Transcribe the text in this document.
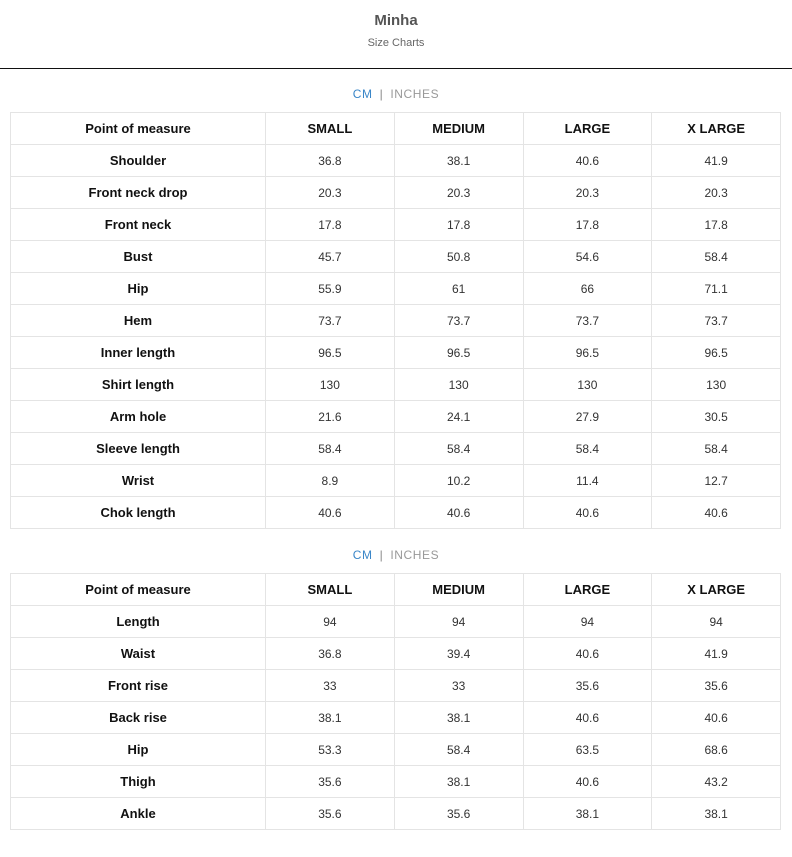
Minha
Size Charts
CM | INCHES
Point of measure	SMALL	MEDIUM	LARGE	X LARGE
Shoulder	36.8	38.1	40.6	41.9
Front neck drop	20.3	20.3	20.3	20.3
Front neck	17.8	17.8	17.8	17.8
Bust	45.7	50.8	54.6	58.4
Hip	55.9	61	66	71.1
Hem	73.7	73.7	73.7	73.7
Inner length	96.5	96.5	96.5	96.5
Shirt length	130	130	130	130
Arm hole	21.6	24.1	27.9	30.5
Sleeve length	58.4	58.4	58.4	58.4
Wrist	8.9	10.2	11.4	12.7
Chok length	40.6	40.6	40.6	40.6
CM | INCHES
Point of measure	SMALL	MEDIUM	LARGE	X LARGE
Length	94	94	94	94
Waist	36.8	39.4	40.6	41.9
Front rise	33	33	35.6	35.6
Back rise	38.1	38.1	40.6	40.6
Hip	53.3	58.4	63.5	68.6
Thigh	35.6	38.1	40.6	43.2
Ankle	35.6	35.6	38.1	38.1
